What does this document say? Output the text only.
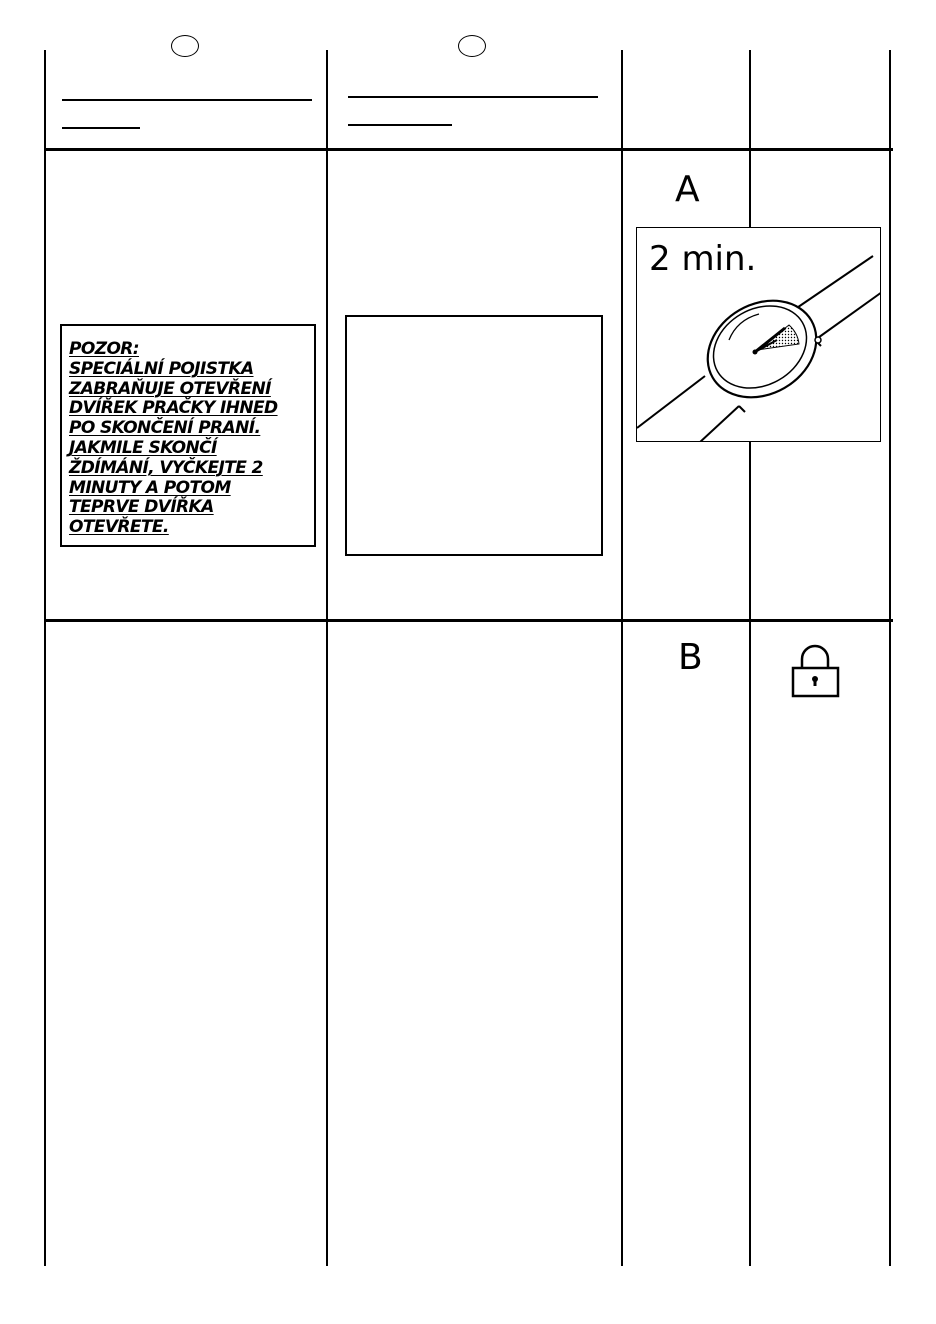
POZOR:
SPECIÁLNÍ POJISTKA
ZABRAŇUJE OTEVŘENÍ
DVÍŘEK PRAČKY IHNED
PO SKONČENÍ PRANÍ.
JAKMILE SKONČÍ
ŽDÍMÁNÍ, VYČKEJTE 2
MINUTY A POTOM
TEPRVE DVÍŘKA
OTEVŘETE.

A
2 min.
B
